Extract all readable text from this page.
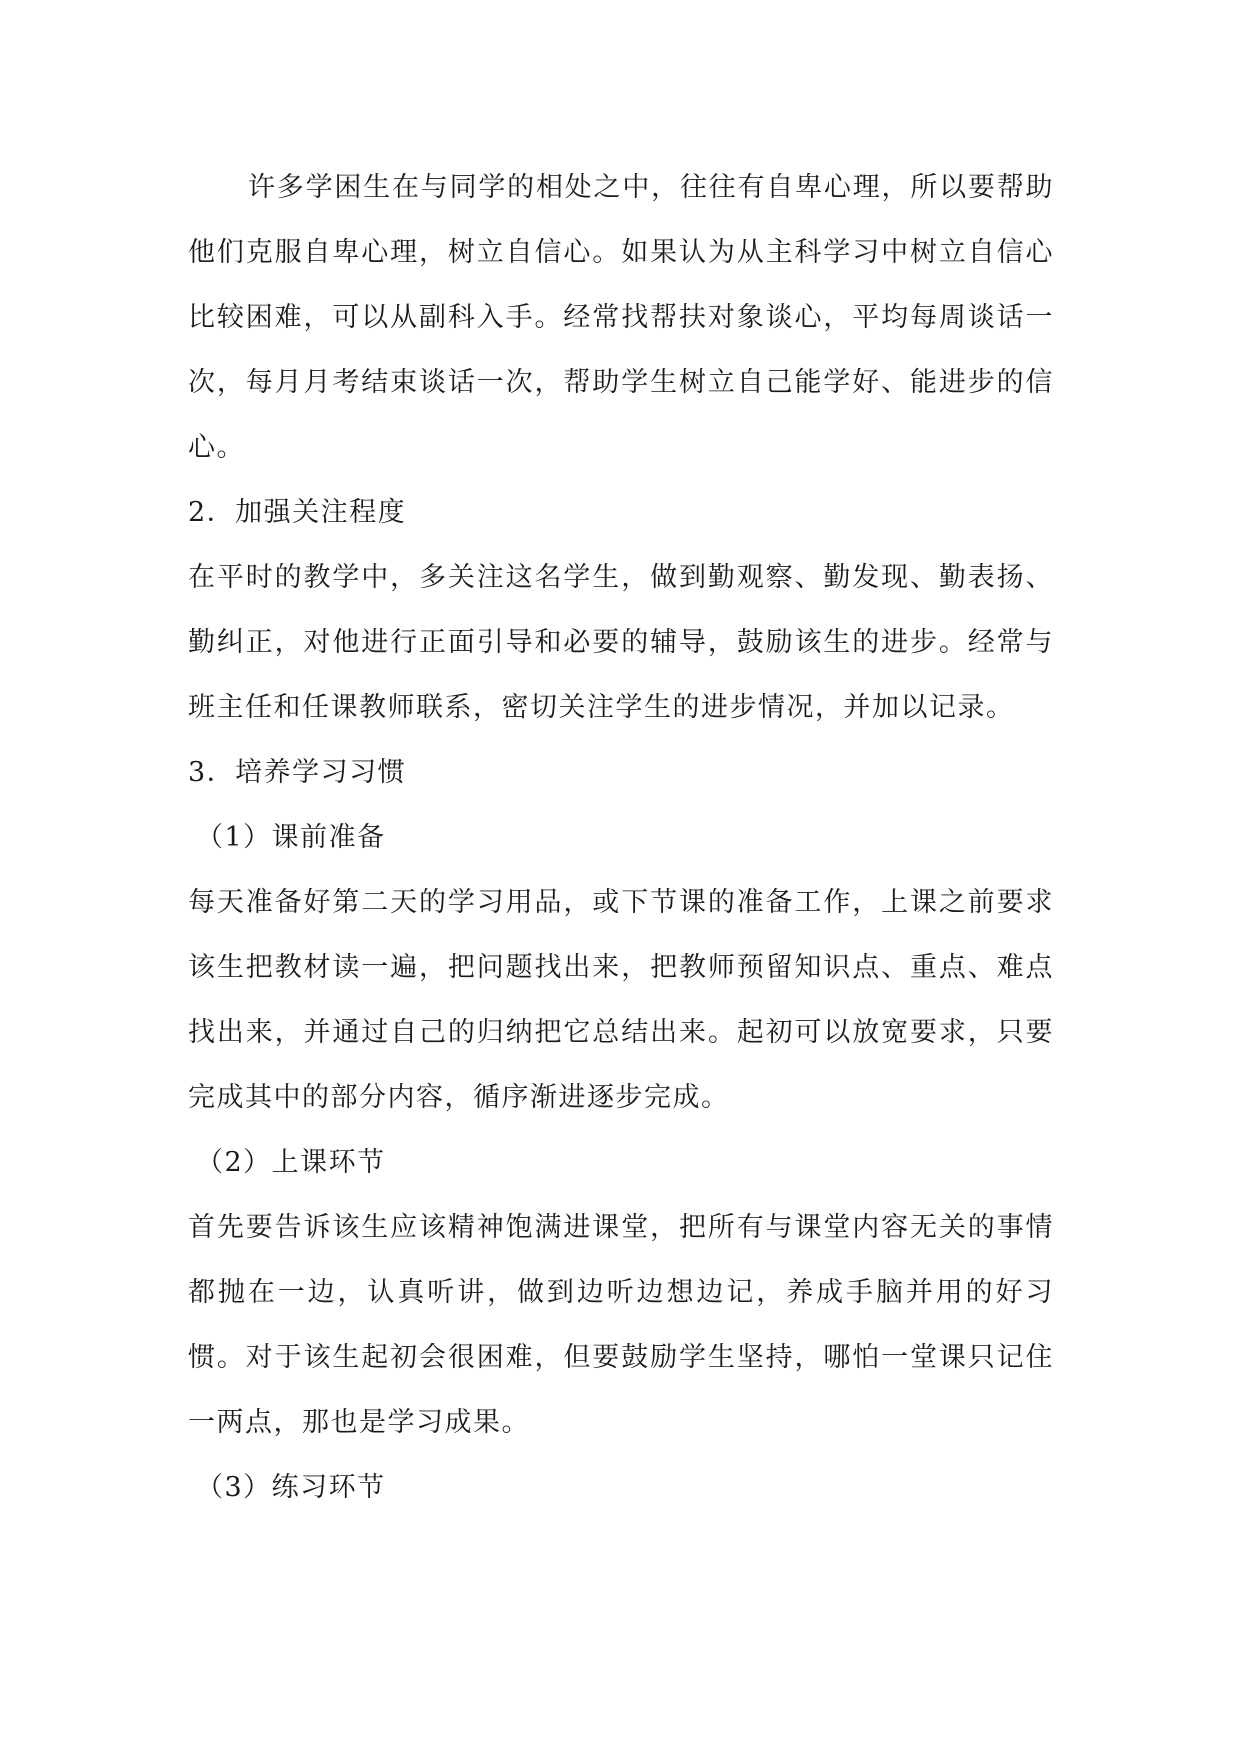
许多学困生在与同学的相处之中，往往有自卑心理，所以要帮助他们克服自卑心理，树立自信心。如果认为从主科学习中树立自信心比较困难，可以从副科入手。经常找帮扶对象谈心，平均每周谈话一次，每月月考结束谈话一次，帮助学生树立自己能学好、能进步的信心。

2．加强关注程度

在平时的教学中，多关注这名学生，做到勤观察、勤发现、勤表扬、勤纠正，对他进行正面引导和必要的辅导，鼓励该生的进步。经常与班主任和任课教师联系，密切关注学生的进步情况，并加以记录。

3．培养学习习惯

（1）课前准备

每天准备好第二天的学习用品，或下节课的准备工作，上课之前要求该生把教材读一遍，把问题找出来，把教师预留知识点、重点、难点找出来，并通过自己的归纳把它总结出来。起初可以放宽要求，只要完成其中的部分内容，循序渐进逐步完成。

（2）上课环节

首先要告诉该生应该精神饱满进课堂，把所有与课堂内容无关的事情都抛在一边，认真听讲，做到边听边想边记，养成手脑并用的好习惯。对于该生起初会很困难，但要鼓励学生坚持，哪怕一堂课只记住一两点，那也是学习成果。

（3）练习环节
